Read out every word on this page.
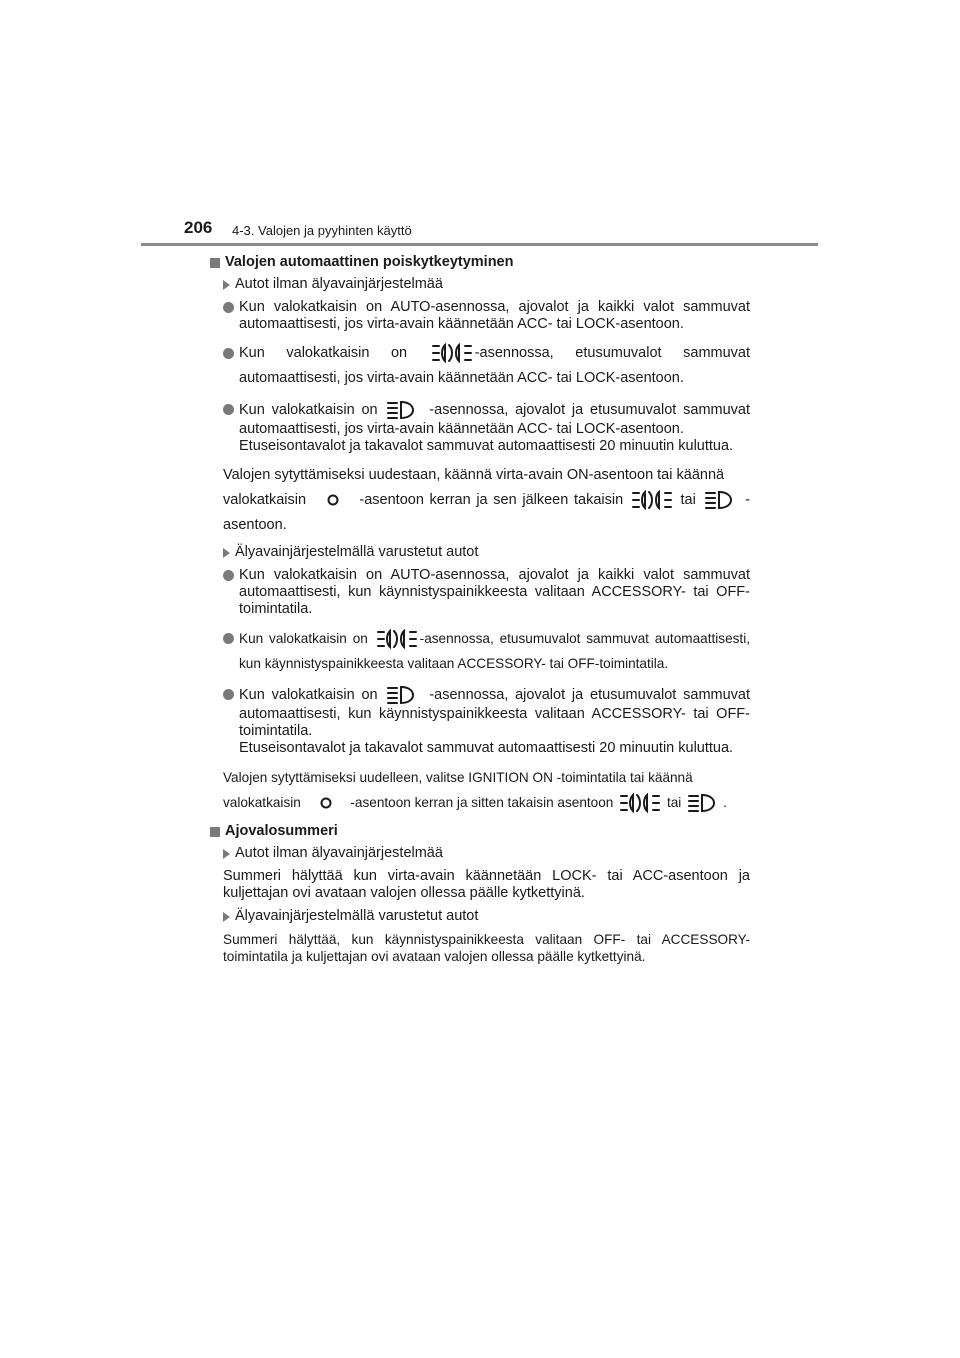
206 4-3. Valojen ja pyyhinten käyttö
Valojen automaattinen poiskytkeytyminen
Autot ilman älyavainjärjestelmää
Kun valokatkaisin on AUTO-asennossa, ajovalot ja kaikki valot sammuvat automaattisesti, jos virta-avain käännetään ACC- tai LOCK-asentoon.
Kun valokatkaisin on	-asennossa, etusumuvalot sammuvat automaattisesti, jos virta-avain käännetään ACC- tai LOCK-asentoon.
Kun valokatkaisin on	-asennossa, ajovalot ja etusumuvalot sammuvat automaattisesti, jos virta-avain käännetään ACC- tai LOCK-asentoon.
Etuseisontavalot ja takavalot sammuvat automaattisesti 20 minuutin kuluttua.
Valojen sytyttämiseksi uudestaan, käännä virta-avain ON-asentoon tai käännä
valokatkaisin	-asentoon kerran ja sen jälkeen takaisin	tai	-asentoon.
Älyavainjärjestelmällä varustetut autot
Kun valokatkaisin on AUTO-asennossa, ajovalot ja kaikki valot sammuvat automaattisesti, kun käynnistyspainikkeesta valitaan ACCESSORY- tai OFF-toimintatila.
Kun valokatkaisin on	-asennossa, etusumuvalot sammuvat automaattisesti, kun käynnistyspainikkeesta valitaan ACCESSORY- tai OFF-toimintatila.
Kun valokatkaisin on	-asennossa, ajovalot ja etusumuvalot sammuvat automaattisesti, kun käynnistyspainikkeesta valitaan ACCESSORY- tai OFF-toimintatila.
Etuseisontavalot ja takavalot sammuvat automaattisesti 20 minuutin kuluttua.
Valojen sytyttämiseksi uudelleen, valitse IGNITION ON -toimintatila tai käännä
valokatkaisin	-asentoon kerran ja sitten takaisin asentoon	tai	.
Ajovalosummeri
Autot ilman älyavainjärjestelmää
Summeri hälyttää kun virta-avain käännetään LOCK- tai ACC-asentoon ja kuljettajan ovi avataan valojen ollessa päälle kytkettyinä.
Älyavainjärjestelmällä varustetut autot
Summeri hälyttää, kun käynnistyspainikkeesta valitaan OFF- tai ACCESSORY-toimintatila ja kuljettajan ovi avataan valojen ollessa päälle kytkettyinä.
